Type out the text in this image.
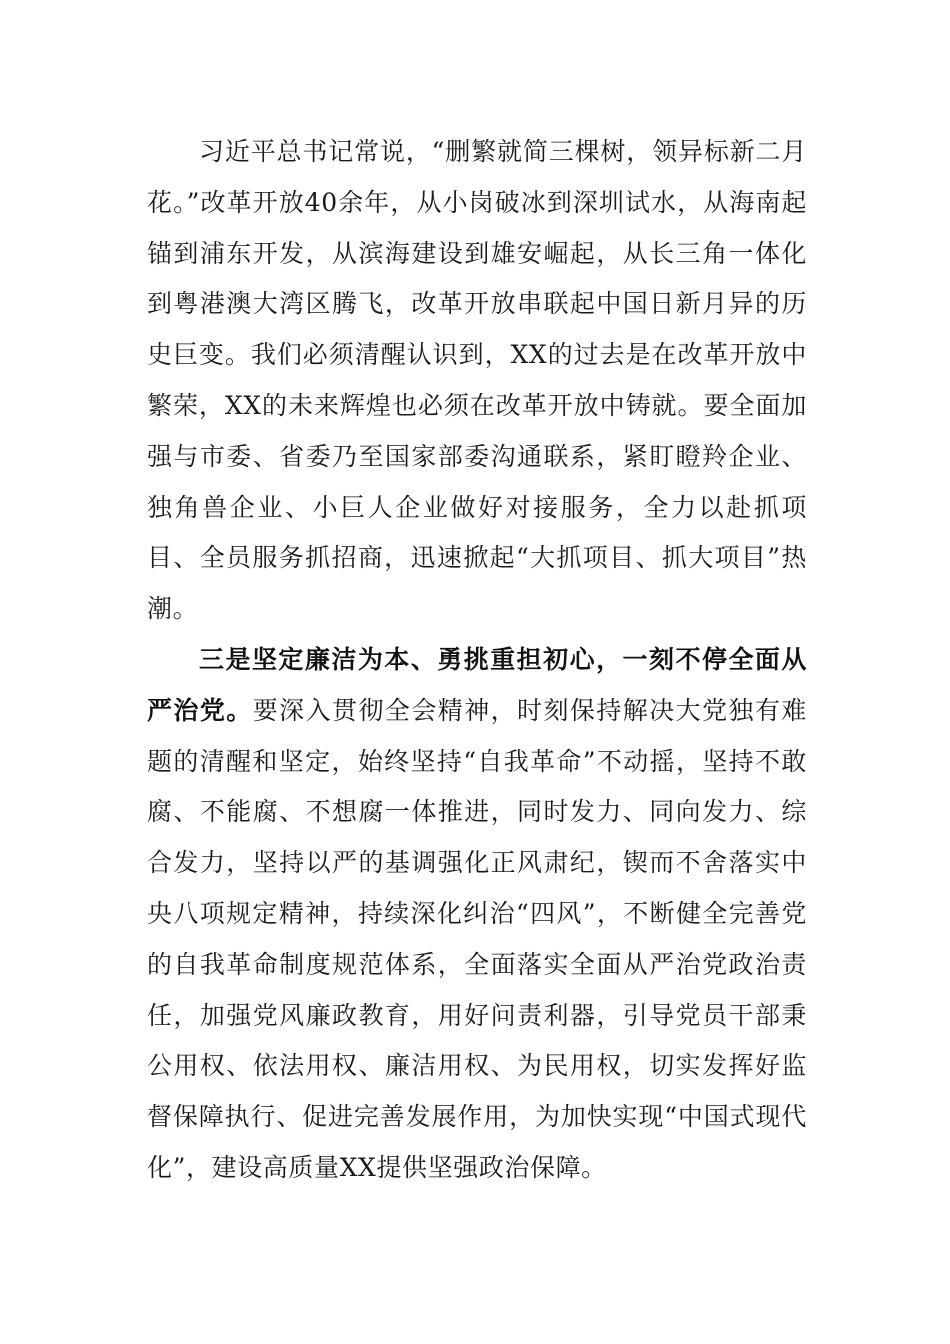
习近平总书记常说，“删繁就简三棵树，领异标新二月花。”改革开放40余年，从小岗破冰到深圳试水，从海南起锚到浦东开发，从滨海建设到雄安崛起，从长三角一体化到粤港澳大湾区腾飞，改革开放串联起中国日新月异的历史巨变。我们必须清醒认识到，XX的过去是在改革开放中繁荣，XX的未来辉煌也必须在改革开放中铸就。要全面加强与市委、省委乃至国家部委沟通联系，紧盯瞪羚企业、独角兽企业、小巨人企业做好对接服务，全力以赴抓项目、全员服务抓招商，迅速掀起“大抓项目、抓大项目”热潮。

三是坚定廉洁为本、勇挑重担初心，一刻不停全面从严治党。要深入贯彻全会精神，时刻保持解决大党独有难题的清醒和坚定，始终坚持“自我革命”不动摇，坚持不敢腐、不能腐、不想腐一体推进，同时发力、同向发力、综合发力，坚持以严的基调强化正风肃纪，锲而不舍落实中央八项规定精神，持续深化纠治“四风”，不断健全完善党的自我革命制度规范体系，全面落实全面从严治党政治责任，加强党风廉政教育，用好问责利器，引导党员干部秉公用权、依法用权、廉洁用权、为民用权，切实发挥好监督保障执行、促进完善发展作用，为加快实现“中国式现代化”，建设高质量XX提供坚强政治保障。
